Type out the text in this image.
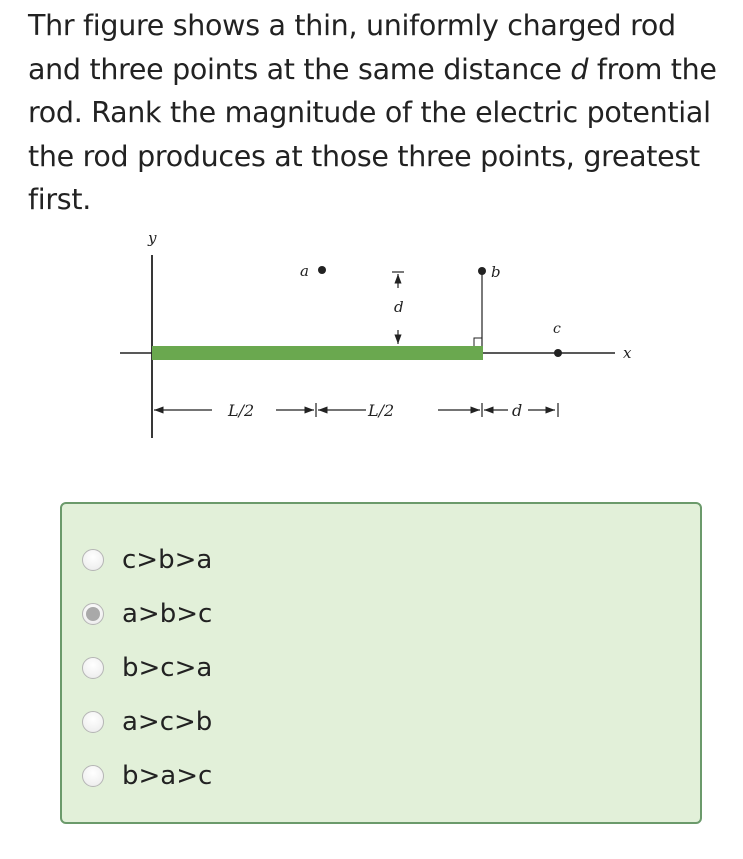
Thr figure shows a thin, uniformly charged rod and three points at the same distance d from the rod. Rank the magnitude of the electric potential the rod produces at those three points, greatest first.

y
x
a	b
c
d
L/2	L/2	d
c>b>a
a>b>c
b>c>a
a>c>b
b>a>c
